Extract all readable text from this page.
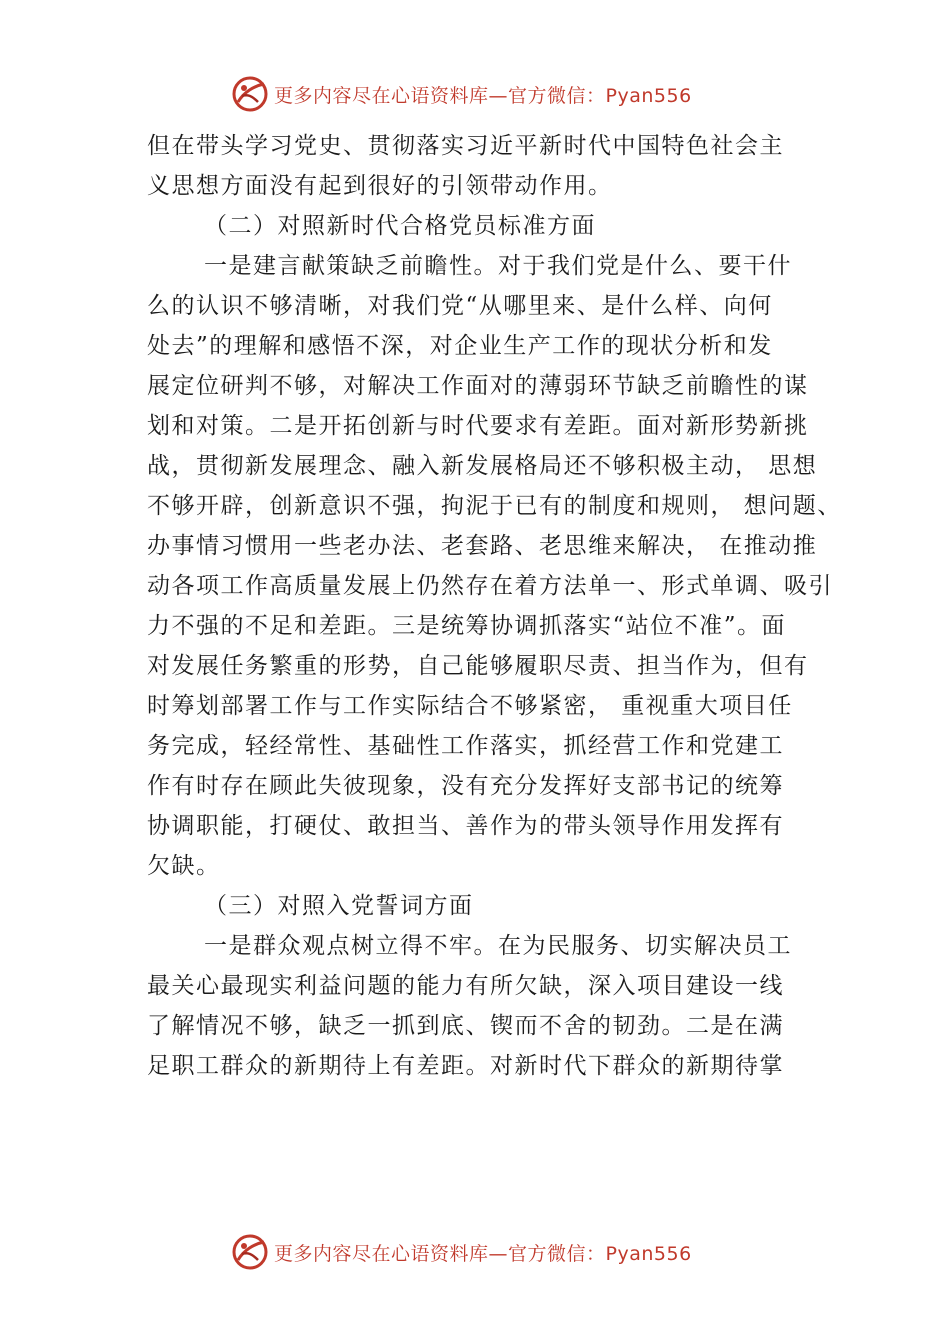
更多内容尽在心语资料库—官方微信：Pyan556
但在带头学习党史、贯彻落实习近平新时代中国特色社会主
义思想方面没有起到很好的引领带动作用。
（二）对照新时代合格党员标准方面
一是建言献策缺乏前瞻性。对于我们党是什么、要干什
么的认识不够清晰，对我们党“从哪里来、是什么样、向何
处去”的理解和感悟不深，对企业生产工作的现状分析和发
展定位研判不够，对解决工作面对的薄弱环节缺乏前瞻性的谋
划和对策。二是开拓创新与时代要求有差距。面对新形势新挑
战，贯彻新发展理念、融入新发展格局还不够积极主动， 思想
不够开辟，创新意识不强，拘泥于已有的制度和规则， 想问题、
办事情习惯用一些老办法、老套路、老思维来解决， 在推动推
动各项工作高质量发展上仍然存在着方法单一、形式单调、吸引
力不强的不足和差距。三是统筹协调抓落实“站位不准”。面
对发展任务繁重的形势，自己能够履职尽责、担当作为，但有
时筹划部署工作与工作实际结合不够紧密， 重视重大项目任
务完成，轻经常性、基础性工作落实，抓经营工作和党建工
作有时存在顾此失彼现象，没有充分发挥好支部书记的统筹
协调职能，打硬仗、敢担当、善作为的带头领导作用发挥有
欠缺。
（三）对照入党誓词方面
一是群众观点树立得不牢。在为民服务、切实解决员工
最关心最现实利益问题的能力有所欠缺，深入项目建设一线
了解情况不够，缺乏一抓到底、锲而不舍的韧劲。二是在满
足职工群众的新期待上有差距。对新时代下群众的新期待掌
更多内容尽在心语资料库—官方微信：Pyan556
